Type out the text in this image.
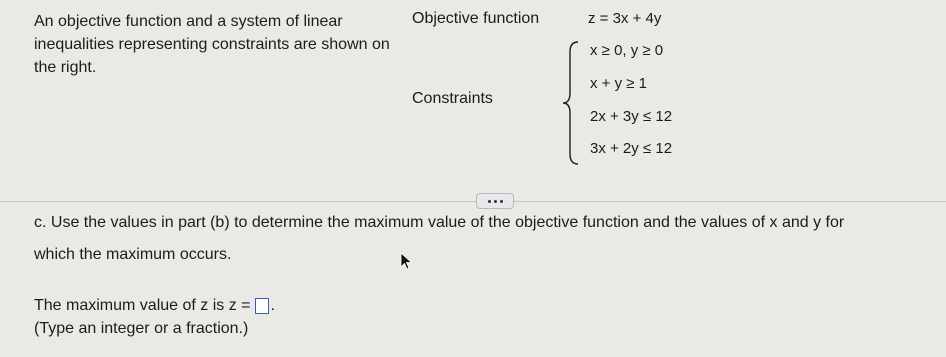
An objective function and a system of linear inequalities representing constraints are shown on the right.
Objective function	z = 3x + 4y
Constraints
x ≥ 0, y ≥ 0
x + y ≥ 1
2x + 3y ≤ 12
3x + 2y ≤ 12
c. Use the values in part (b) to determine the maximum value of the objective function and the values of x and y for
which the maximum occurs.
The maximum value of z is z = .
(Type an integer or a fraction.)
